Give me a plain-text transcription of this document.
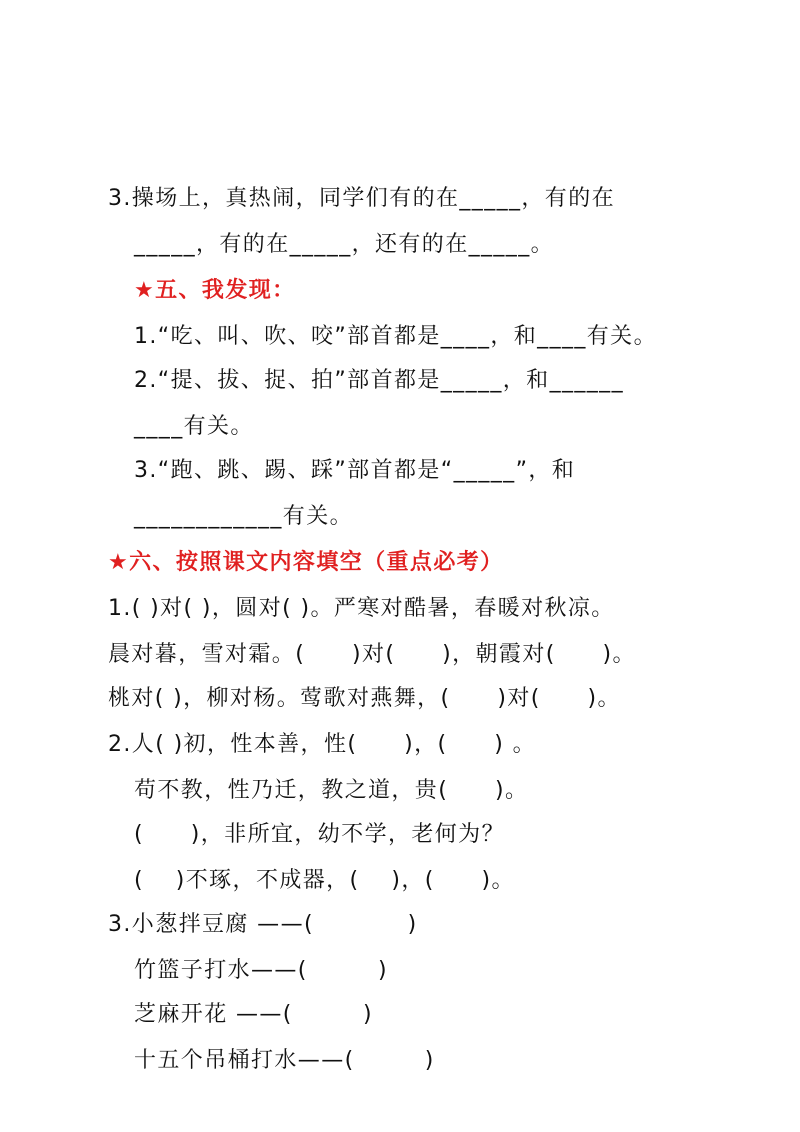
3.操场上，真热闹，同学们有的在_____，有的在
_____，有的在_____，还有的在_____。
★五、我发现：
1.“吃、叫、吹、咬”部首都是____，和____有关。
2.“提、拔、捉、拍”部首都是_____，和______
____有关。
3.“跑、跳、踢、踩”部首都是“_____”，和
____________有关。
★六、按照课文内容填空（重点必考）
1.( )对( )，圆对( )。严寒对酷暑，春暖对秋凉。
晨对暮，雪对霜。(　　)对(　　)，朝霞对(　　)。
桃对( )，柳对杨。莺歌对燕舞，(　　)对(　　)。
2.人( )初，性本善，性(　　)，(　　) 。
苟不教，性乃迁，教之道，贵(　　)。
(　　)，非所宜，幼不学，老何为？
(　 )不琢，不成器，(　 )，(　　)。
3.小葱拌豆腐 ——(　　　　)
竹篮子打水——(　　　)
芝麻开花 ——(　　　)
十五个吊桶打水——(　　　)
